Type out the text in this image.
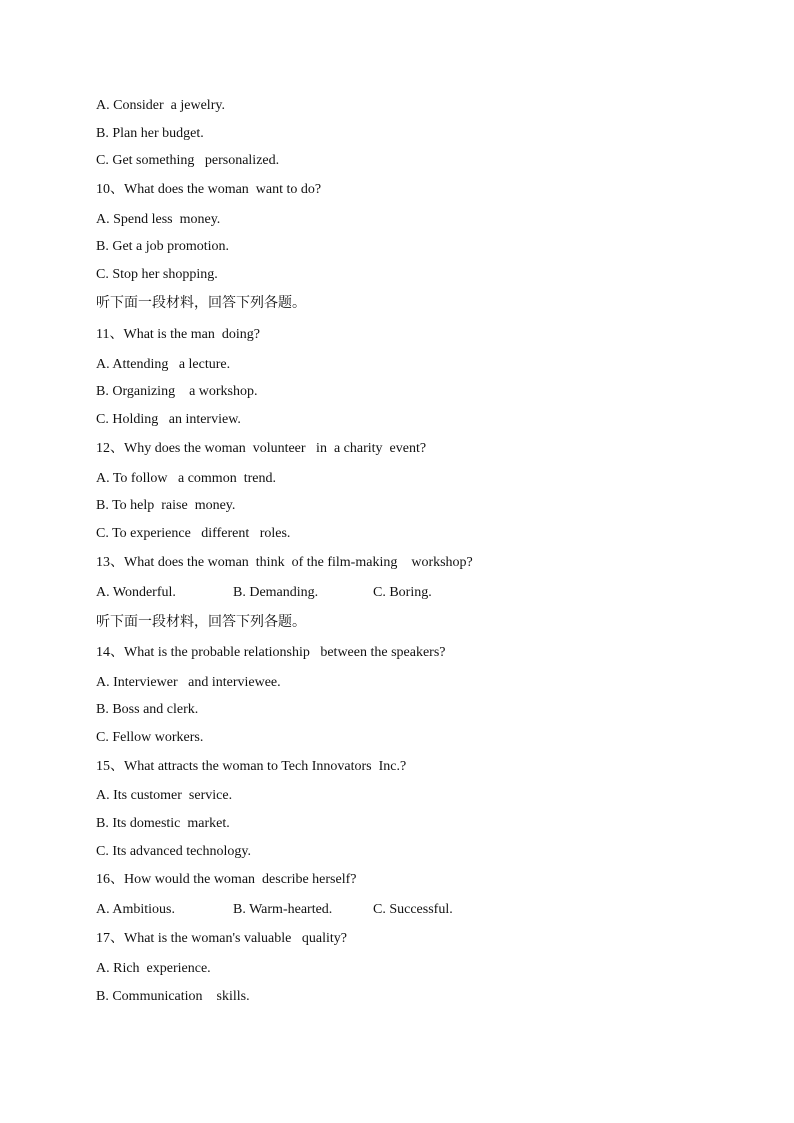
A. Consider  a jewelry.
B. Plan her budget.
C. Get something   personalized.
10、What does the woman  want to do?
A. Spend less  money.
B. Get a job promotion.
C. Stop her shopping.
听下面一段材料，回答下列各题。
11、What is the man  doing?
A. Attending   a lecture.
B. Organizing    a workshop.
C. Holding   an interview.
12、Why does the woman  volunteer   in  a charity  event?
A. To follow   a common  trend.
B. To help  raise  money.
C. To experience   different   roles.
13、What does the woman  think  of the film-making    workshop?
A. Wonderful.	B. Demanding.	C. Boring.
听下面一段材料，回答下列各题。
14、What is the probable relationship   between the speakers?
A. Interviewer   and interviewee.
B. Boss and clerk.
C. Fellow workers.
15、What attracts the woman to Tech Innovators  Inc.?
A. Its customer  service.
B. Its domestic  market.
C. Its advanced technology.
16、How would the woman  describe herself?
A. Ambitious.	B. Warm-hearted.	C. Successful.
17、What is the woman's valuable   quality?
A. Rich  experience.
B. Communication    skills.
